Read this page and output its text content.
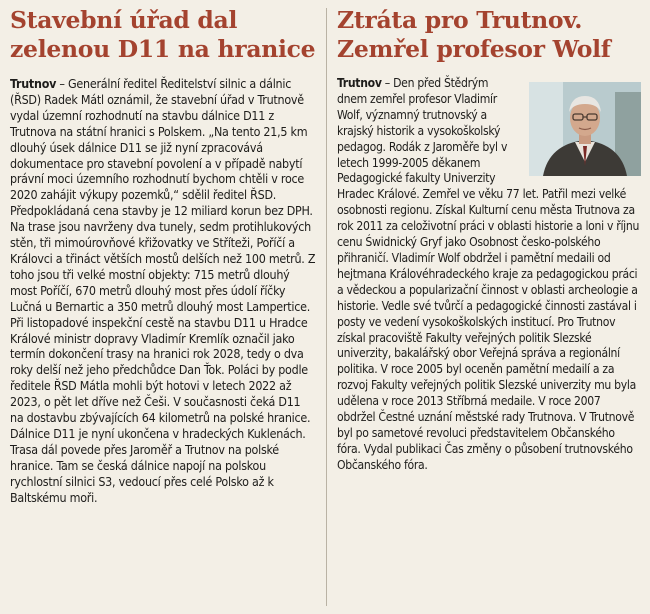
Stavební úřad dal zelenou D11 na hranice
Trutnov – Generální ředitel Ředitelství silnic a dálnic (ŘSD) Radek Mátl oznámil, že stavební úřad v Trutnově vydal územní rozhodnutí na stavbu dálnice D11 z Trutnova na státní hranici s Polskem. „Na tento 21,5 km dlouhý úsek dálnice D11 se již nyní zpracovává dokumentace pro stavební povolení a v případě nabytí právní moci územního rozhodnutí bychom chtěli v roce 2020 zahájit výkupy pozemků,“ sdělil ředitel ŘSD. Předpokládaná cena stavby je 12 miliard korun bez DPH. Na trase jsou navrženy dva tunely, sedm protihlukových stěn, tři mimoúrovňové křižovatky ve Stříteži, Poříčí a Královci a třináct větších mostů delších než 100 metrů. Z toho jsou tři velké mostní objekty: 715 metrů dlouhý most Poříčí, 670 metrů dlouhý most přes údolí říčky Lučná u Bernartic a 350 metrů dlouhý most Lampertice. Při listopadové inspekční cestě na stavbu D11 u Hradce Králové ministr dopravy Vladimír Kremlík označil jako termín dokončení trasy na hranici rok 2028, tedy o dva roky delší než jeho předchůdce Dan Ťok. Poláci by podle ředitele ŘSD Mátla mohli být hotovi v letech 2022 až 2023, o pět let dříve než Češi. V současnosti čeká D11 na dostavbu zbývajících 64 kilometrů na polské hranice. Dálnice D11 je nyní ukončena v hradeckých Kuklenách. Trasa dál povede přes Jaroměř a Trutnov na polské hranice. Tam se česká dálnice napojí na polskou rychlostní silnici S3, vedoucí přes celé Polsko až k Baltskému moři.
Ztráta pro Trutnov. Zemřel profesor Wolf
Trutnov – Den před Štědrým dnem zemřel profesor Vladimír Wolf, významný trutnovský a krajský historik a vysokoškolský pedagog. Rodák z Jaroměře byl v letech 1999-2005 děkanem Pedagogické fakulty Univerzity Hradec Králové. Zemřel ve věku 77 let. Patřil mezi velké osobnosti regionu. Získal Kulturní cenu města Trutnova za rok 2011 za celoživotní práci v oblasti historie a loni v říjnu cenu Świdnický Gryf jako Osobnost česko-polského přihraničí. Vladimír Wolf obdržel i pamětní medaili od hejtmana Královéhradeckého kraje za pedagogickou práci a vědeckou a popularizační činnost v oblasti archeologie a historie. Vedle své tvůrčí a pedagogické činnosti zastával i posty ve vedení vysokoškolských institucí. Pro Trutnov získal pracoviště Fakulty veřejných politik Slezské univerzity, bakalářský obor Veřejná správa a regionální politika. V roce 2005 byl oceněn pamětní medailí a za rozvoj Fakulty veřejných politik Slezské univerzity mu byla udělena v roce 2013 Stříbrná medaile. V roce 2007 obdržel Čestné uznání městské rady Trutnova. V Trutnově byl po sametové revoluci představitelem Občanského fóra. Vydal publikaci Čas změny o působení trutnovského Občanského fóra.
